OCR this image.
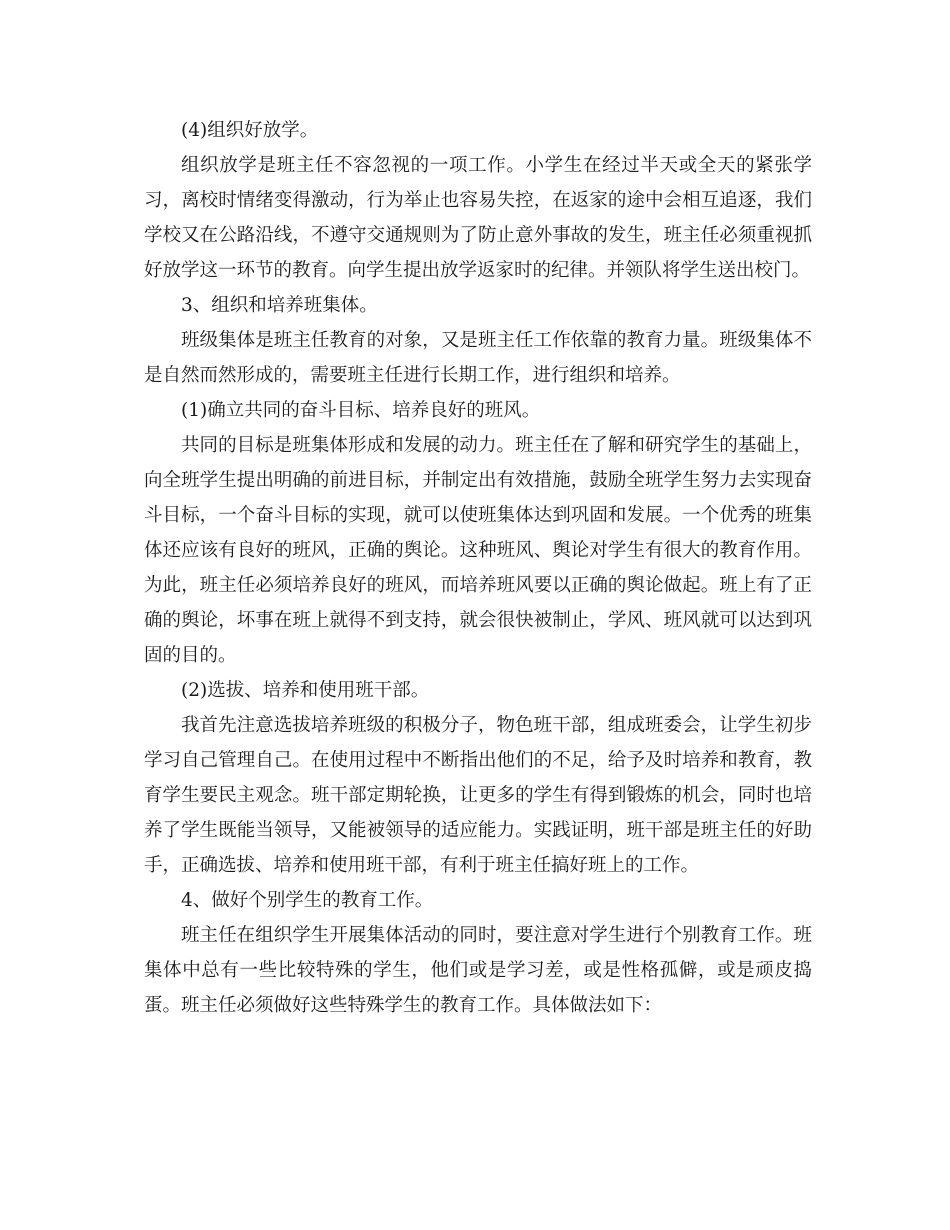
(4)组织好放学。

组织放学是班主任不容忽视的一项工作。小学生在经过半天或全天的紧张学习，离校时情绪变得激动，行为举止也容易失控，在返家的途中会相互追逐，我们学校又在公路沿线，不遵守交通规则为了防止意外事故的发生，班主任必须重视抓好放学这一环节的教育。向学生提出放学返家时的纪律。并领队将学生送出校门。

3、组织和培养班集体。

班级集体是班主任教育的对象，又是班主任工作依靠的教育力量。班级集体不是自然而然形成的，需要班主任进行长期工作，进行组织和培养。

(1)确立共同的奋斗目标、培养良好的班风。

共同的目标是班集体形成和发展的动力。班主任在了解和研究学生的基础上，向全班学生提出明确的前进目标，并制定出有效措施，鼓励全班学生努力去实现奋斗目标，一个奋斗目标的实现，就可以使班集体达到巩固和发展。一个优秀的班集体还应该有良好的班风，正确的舆论。这种班风、舆论对学生有很大的教育作用。为此，班主任必须培养良好的班风，而培养班风要以正确的舆论做起。班上有了正确的舆论，坏事在班上就得不到支持，就会很快被制止，学风、班风就可以达到巩固的目的。

(2)选拔、培养和使用班干部。

我首先注意选拔培养班级的积极分子，物色班干部，组成班委会，让学生初步学习自己管理自己。在使用过程中不断指出他们的不足，给予及时培养和教育，教育学生要民主观念。班干部定期轮换，让更多的学生有得到锻炼的机会，同时也培养了学生既能当领导，又能被领导的适应能力。实践证明，班干部是班主任的好助手，正确选拔、培养和使用班干部，有利于班主任搞好班上的工作。

4、做好个别学生的教育工作。

班主任在组织学生开展集体活动的同时，要注意对学生进行个别教育工作。班集体中总有一些比较特殊的学生，他们或是学习差，或是性格孤僻，或是顽皮捣蛋。班主任必须做好这些特殊学生的教育工作。具体做法如下：
